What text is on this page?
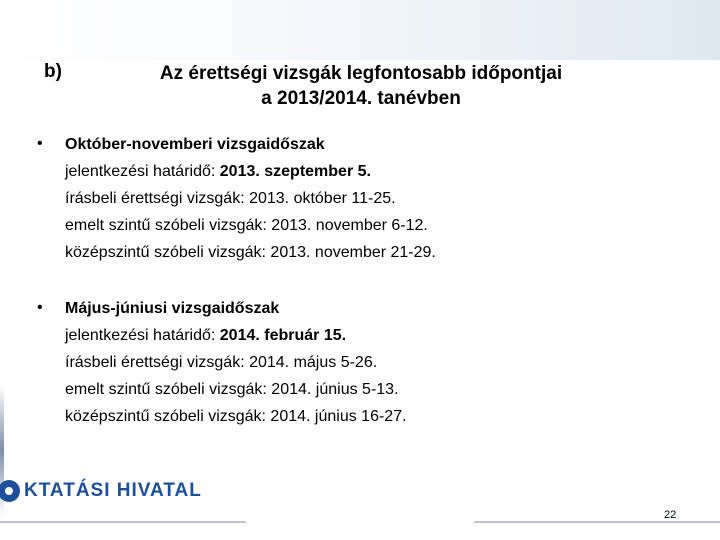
b)	Az érettségi vizsgák legfontosabb időpontjai
a 2013/2014. tanévben
• Október-novemberi vizsgaidőszak
jelentkezési határidő: 2013. szeptember 5.
írásbeli érettségi vizsgák: 2013. október 11-25.
emelt szintű szóbeli vizsgák: 2013. november 6-12.
középszintű szóbeli vizsgák: 2013. november 21-29.
• Május-júniusi vizsgaidőszak
jelentkezési határidő: 2014. február 15.
írásbeli érettségi vizsgák: 2014. május 5-26.
emelt szintű szóbeli vizsgák: 2014. június 5-13.
középszintű szóbeli vizsgák: 2014. június 16-27.
KTATÁSI HIVATAL
22
